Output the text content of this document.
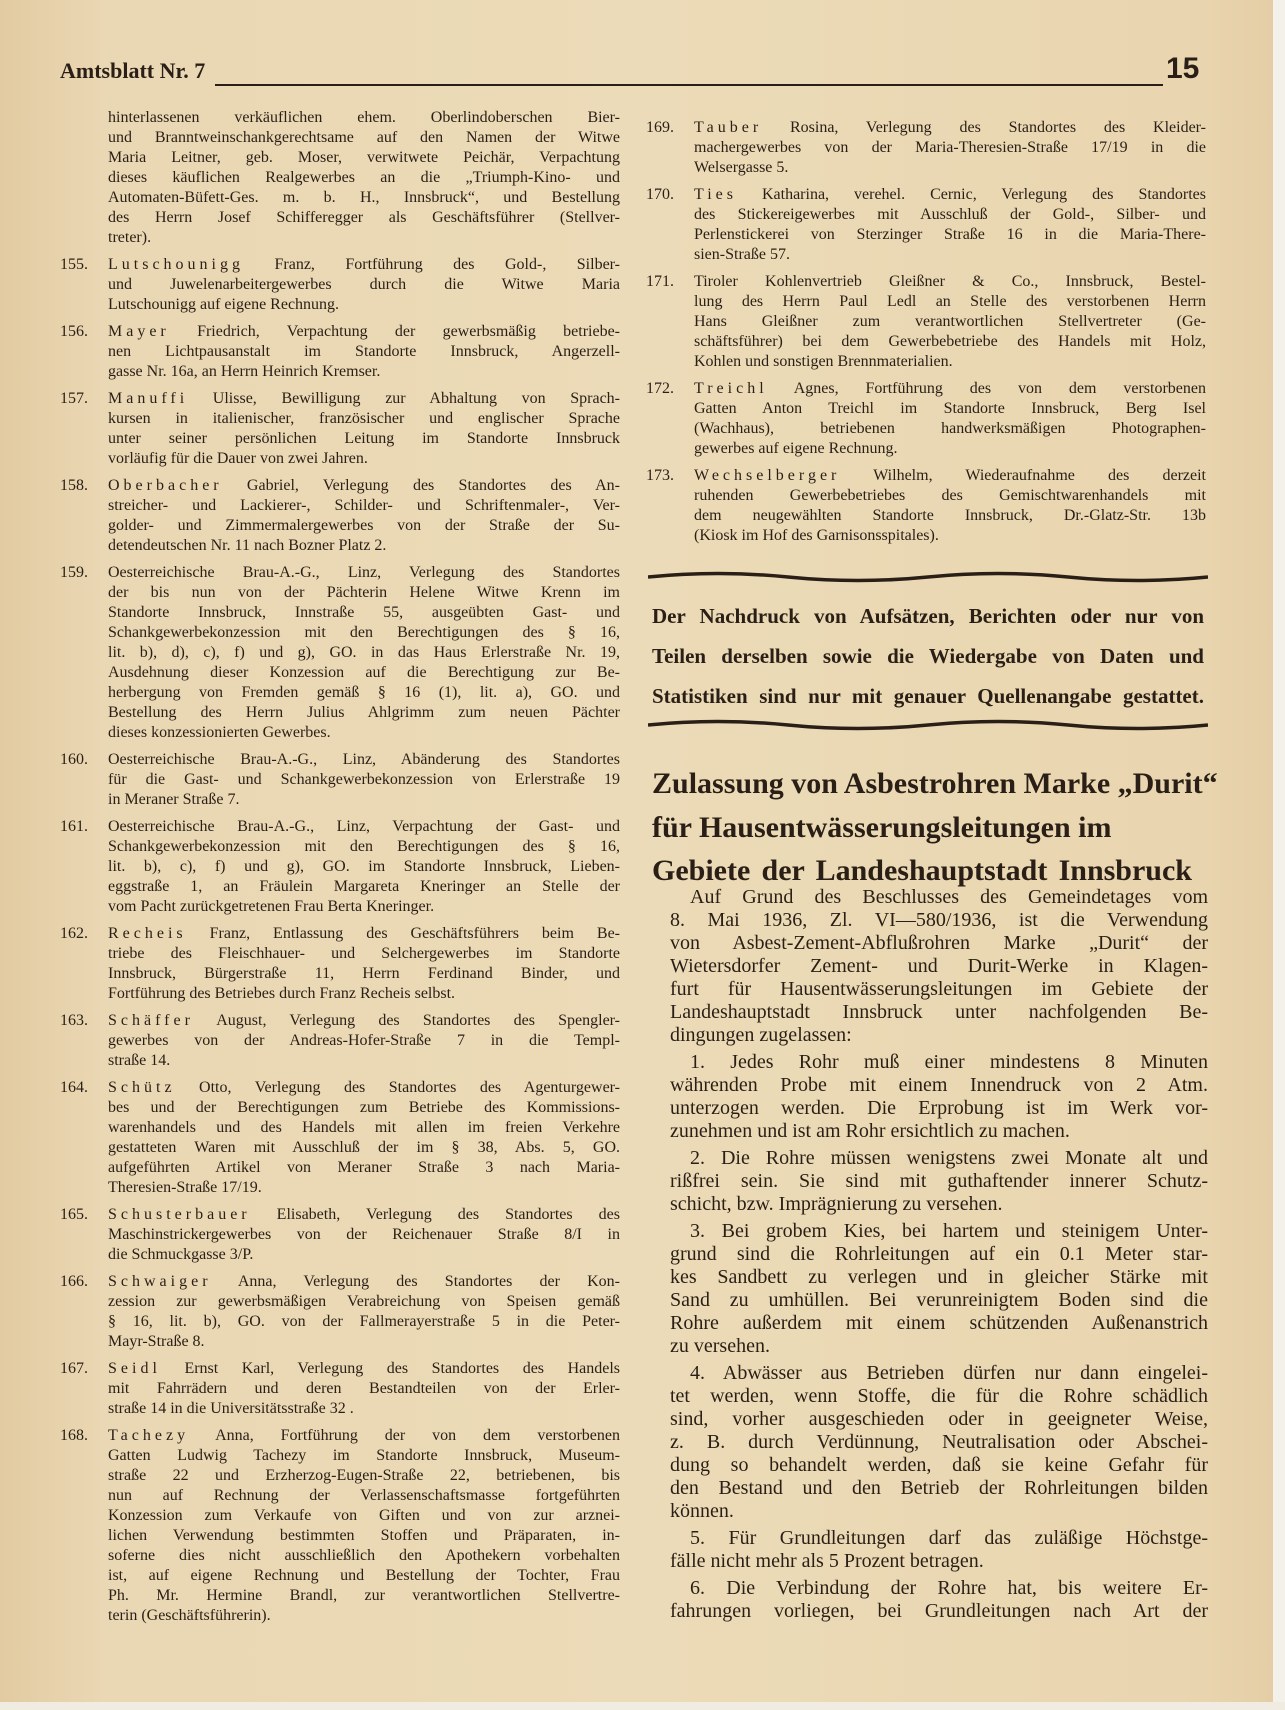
Amtsblatt Nr. 7	15
hinterlassenen verkäuflichen ehem. Oberlindoberschen Bier-
und Branntweinschankgerechtsame auf den Namen der Witwe
Maria Leitner, geb. Moser, verwitwete Peichär, Verpachtung
dieses käuflichen Realgewerbes an die „Triumph-Kino- und
Automaten-Büfett-Ges. m. b. H., Innsbruck“, und Bestellung
des Herrn Josef Schifferegger als Geschäftsführer (Stellver-
treter).
155. Lutschounigg Franz, Fortführung des Gold-, Silber-
und Juwelenarbeitergewerbes durch die Witwe Maria
Lutschounigg auf eigene Rechnung.
156. Mayer Friedrich, Verpachtung der gewerbsmäßig betriebe-
nen Lichtpausanstalt im Standorte Innsbruck, Angerzell-
gasse Nr. 16a, an Herrn Heinrich Kremser.
157. Manuffi Ulisse, Bewilligung zur Abhaltung von Sprach-
kursen in italienischer, französischer und englischer Sprache
unter seiner persönlichen Leitung im Standorte Innsbruck
vorläufig für die Dauer von zwei Jahren.
158. Oberbacher Gabriel, Verlegung des Standortes des An-
streicher- und Lackierer-, Schilder- und Schriftenmaler-, Ver-
golder- und Zimmermalergewerbes von der Straße der Su-
detendeutschen Nr. 11 nach Bozner Platz 2.
159. Oesterreichische Brau-A.-G., Linz, Verlegung des Standortes
der bis nun von der Pächterin Helene Witwe Krenn im
Standorte Innsbruck, Innstraße 55, ausgeübten Gast- und
Schankgewerbekonzession mit den Berechtigungen des § 16,
lit. b), d), c), f) und g), GO. in das Haus Erlerstraße Nr. 19,
Ausdehnung dieser Konzession auf die Berechtigung zur Be-
herbergung von Fremden gemäß § 16 (1), lit. a), GO. und
Bestellung des Herrn Julius Ahlgrimm zum neuen Pächter
dieses konzessionierten Gewerbes.
160. Oesterreichische Brau-A.-G., Linz, Abänderung des Standortes
für die Gast- und Schankgewerbekonzession von Erlerstraße 19
in Meraner Straße 7.
161. Oesterreichische Brau-A.-G., Linz, Verpachtung der Gast- und
Schankgewerbekonzession mit den Berechtigungen des § 16,
lit. b), c), f) und g), GO. im Standorte Innsbruck, Lieben-
eggstraße 1, an Fräulein Margareta Kneringer an Stelle der
vom Pacht zurückgetretenen Frau Berta Kneringer.
162. Recheis Franz, Entlassung des Geschäftsführers beim Be-
triebe des Fleischhauer- und Selchergewerbes im Standorte
Innsbruck, Bürgerstraße 11, Herrn Ferdinand Binder, und
Fortführung des Betriebes durch Franz Recheis selbst.
163. Schäffer August, Verlegung des Standortes des Spengler-
gewerbes von der Andreas-Hofer-Straße 7 in die Templ-
straße 14.
164. Schütz Otto, Verlegung des Standortes des Agenturgewer-
bes und der Berechtigungen zum Betriebe des Kommissions-
warenhandels und des Handels mit allen im freien Verkehre
gestatteten Waren mit Ausschluß der im § 38, Abs. 5, GO.
aufgeführten Artikel von Meraner Straße 3 nach Maria-
Theresien-Straße 17/19.
165. Schusterbauer Elisabeth, Verlegung des Standortes des
Maschinstrickergewerbes von der Reichenauer Straße 8/I in
die Schmuckgasse 3/P.
166. Schwaiger Anna, Verlegung des Standortes der Kon-
zession zur gewerbsmäßigen Verabreichung von Speisen gemäß
§ 16, lit. b), GO. von der Fallmerayerstraße 5 in die Peter-
Mayr-Straße 8.
167. Seidl Ernst Karl, Verlegung des Standortes des Handels
mit Fahrrädern und deren Bestandteilen von der Erler-
straße 14 in die Universitätsstraße 32 .
168. Tachezy Anna, Fortführung der von dem verstorbenen
Gatten Ludwig Tachezy im Standorte Innsbruck, Museum-
straße 22 und Erzherzog-Eugen-Straße 22, betriebenen, bis
nun auf Rechnung der Verlassenschaftsmasse fortgeführten
Konzession zum Verkaufe von Giften und von zur arznei-
lichen Verwendung bestimmten Stoffen und Präparaten, in-
soferne dies nicht ausschließlich den Apothekern vorbehalten
ist, auf eigene Rechnung und Bestellung der Tochter, Frau
Ph. Mr. Hermine Brandl, zur verantwortlichen Stellvertre-
terin (Geschäftsführerin).
169. Tauber Rosina, Verlegung des Standortes des Kleider-
machergewerbes von der Maria-Theresien-Straße 17/19 in die
Welsergasse 5.
170. Ties Katharina, verehel. Cernic, Verlegung des Standortes
des Stickereigewerbes mit Ausschluß der Gold-, Silber- und
Perlenstickerei von Sterzinger Straße 16 in die Maria-There-
sien-Straße 57.
171. Tiroler Kohlenvertrieb Gleißner & Co., Innsbruck, Bestel-
lung des Herrn Paul Ledl an Stelle des verstorbenen Herrn
Hans Gleißner zum verantwortlichen Stellvertreter (Ge-
schäftsführer) bei dem Gewerbebetriebe des Handels mit Holz,
Kohlen und sonstigen Brennmaterialien.
172. Treichl Agnes, Fortführung des von dem verstorbenen
Gatten Anton Treichl im Standorte Innsbruck, Berg Isel
(Wachhaus), betriebenen handwerksmäßigen Photographen-
gewerbes auf eigene Rechnung.
173. Wechselberger Wilhelm, Wiederaufnahme des derzeit
ruhenden Gewerbebetriebes des Gemischtwarenhandels mit
dem neugewählten Standorte Innsbruck, Dr.-Glatz-Str. 13b
(Kiosk im Hof des Garnisonsspitales).
Der Nachdruck von Aufsätzen, Berichten oder nur von
Teilen derselben sowie die Wiedergabe von Daten und
Statistiken sind nur mit genauer Quellenangabe gestattet.
Zulassung von Asbestrohren Marke „Durit“
für Hausentwässerungsleitungen im
Gebiete der Landeshauptstadt Innsbruck
Auf Grund des Beschlusses des Gemeindetages vom
8. Mai 1936, Zl. VI—580/1936, ist die Verwendung
von Asbest-Zement-Abflußrohren Marke „Durit“ der
Wietersdorfer Zement- und Durit-Werke in Klagen-
furt für Hausentwässerungsleitungen im Gebiete der
Landeshauptstadt Innsbruck unter nachfolgenden Be-
dingungen zugelassen:
1. Jedes Rohr muß einer mindestens 8 Minuten
währenden Probe mit einem Innendruck von 2 Atm.
unterzogen werden. Die Erprobung ist im Werk vor-
zunehmen und ist am Rohr ersichtlich zu machen.
2. Die Rohre müssen wenigstens zwei Monate alt und
rißfrei sein. Sie sind mit guthaftender innerer Schutz-
schicht, bzw. Imprägnierung zu versehen.
3. Bei grobem Kies, bei hartem und steinigem Unter-
grund sind die Rohrleitungen auf ein 0.1 Meter star-
kes Sandbett zu verlegen und in gleicher Stärke mit
Sand zu umhüllen. Bei verunreinigtem Boden sind die
Rohre außerdem mit einem schützenden Außenanstrich
zu versehen.
4. Abwässer aus Betrieben dürfen nur dann eingelei-
tet werden, wenn Stoffe, die für die Rohre schädlich
sind, vorher ausgeschieden oder in geeigneter Weise,
z. B. durch Verdünnung, Neutralisation oder Abschei-
dung so behandelt werden, daß sie keine Gefahr für
den Bestand und den Betrieb der Rohrleitungen bilden
können.
5. Für Grundleitungen darf das zuläßige Höchstge-
fälle nicht mehr als 5 Prozent betragen.
6. Die Verbindung der Rohre hat, bis weitere Er-
fahrungen vorliegen, bei Grundleitungen nach Art der
